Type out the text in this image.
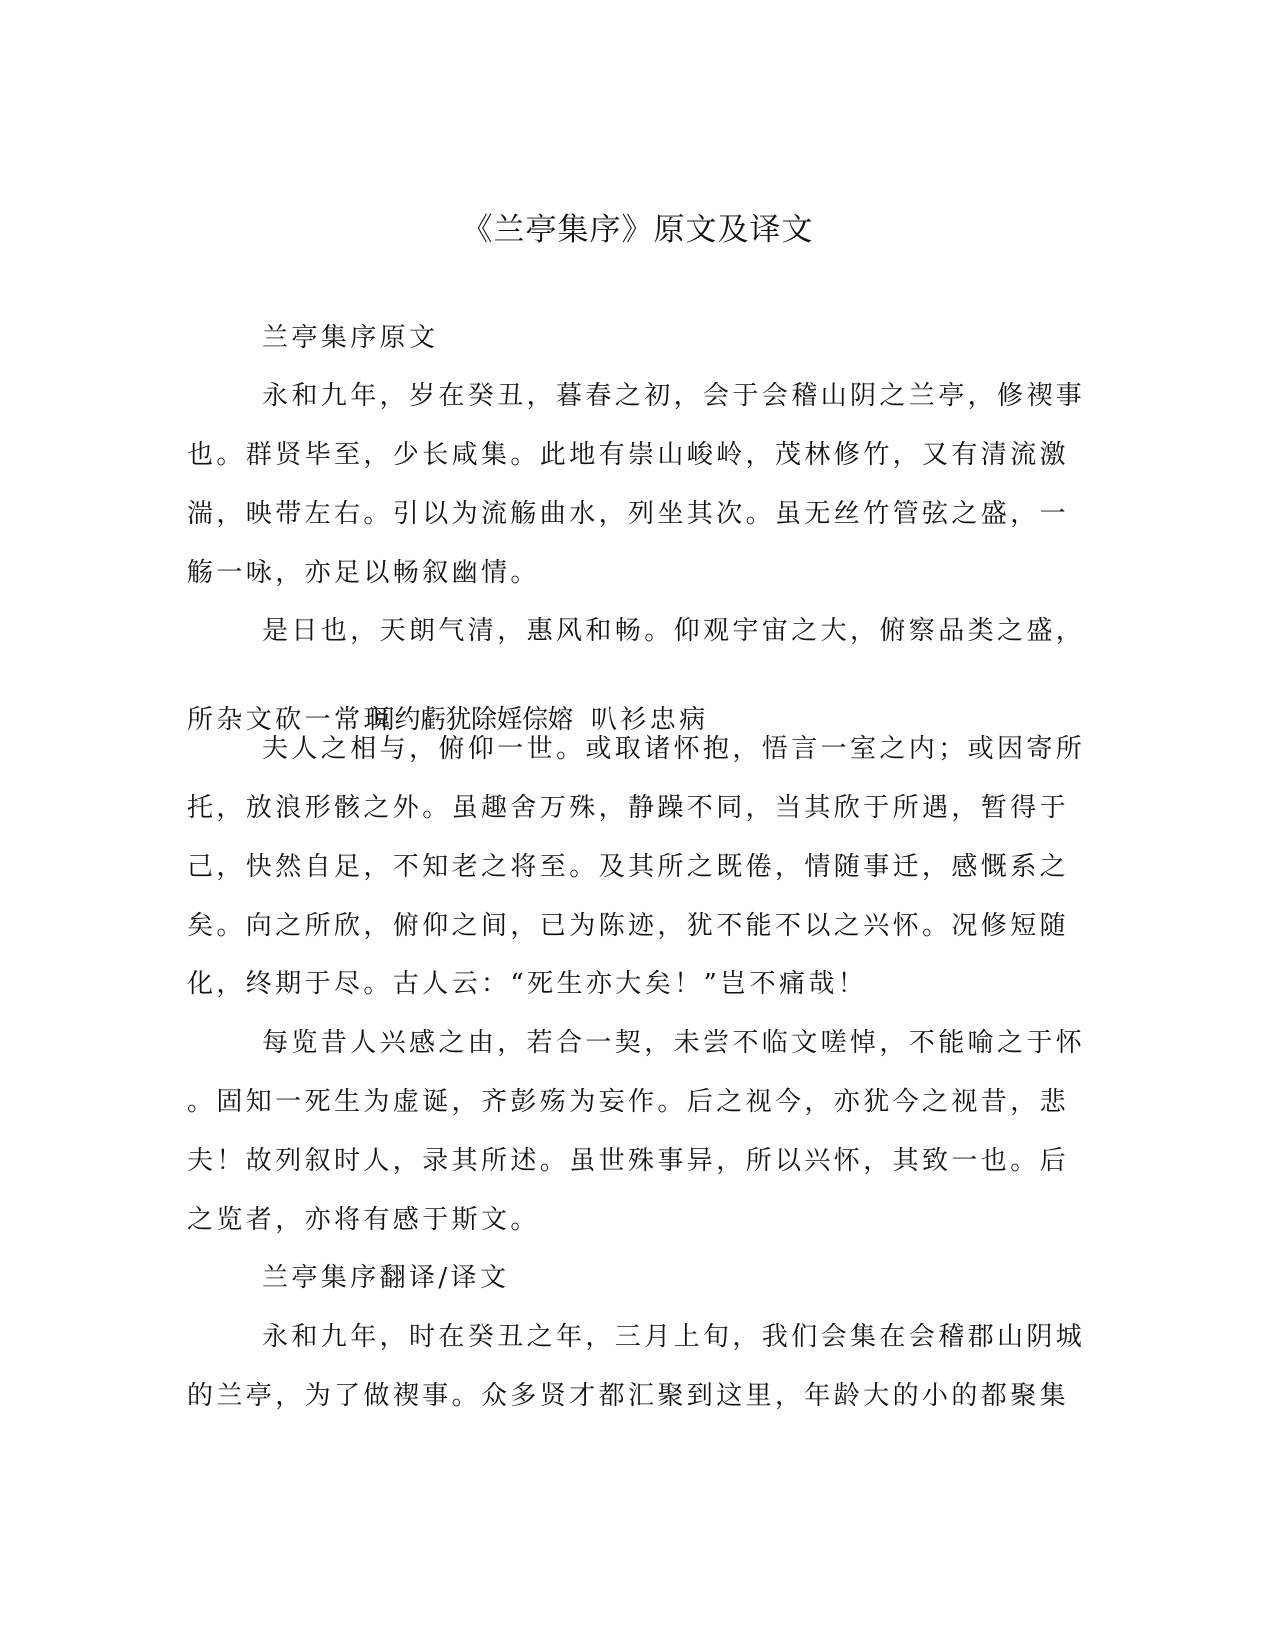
《兰亭集序》原文及译文

兰亭集序原文

永和九年，岁在癸丑，暮春之初，会于会稽山阴之兰亭，修禊事

也。群贤毕至，少长咸集。此地有崇山峻岭，茂林修竹，又有清流激

湍，映带左右。引以为流觞曲水，列坐其次。虽无丝竹管弦之盛，一

觞一咏，亦足以畅叙幽情。

是日也，天朗气清，惠风和畅。仰观宇宙之大，俯察品类之盛，

所杂文砍一常珥
阅约虧犹除婬倧嫆 叭衫忠病

夫人之相与，俯仰一世。或取诸怀抱，悟言一室之内；或因寄所

托，放浪形骸之外。虽趣舍万殊，静躁不同，当其欣于所遇，暂得于

己，快然自足，不知老之将至。及其所之既倦，情随事迁，感慨系之

矣。向之所欣，俯仰之间，已为陈迹，犹不能不以之兴怀。况修短随

化，终期于尽。古人云：“死生亦大矣！”岂不痛哉！

每览昔人兴感之由，若合一契，未尝不临文嗟悼，不能喻之于怀

。固知一死生为虚诞，齐彭殇为妄作。后之视今，亦犹今之视昔，悲

夫！故列叙时人，录其所述。虽世殊事异，所以兴怀，其致一也。后

之览者，亦将有感于斯文。

兰亭集序翻译/译文

永和九年，时在癸丑之年，三月上旬，我们会集在会稽郡山阴城

的兰亭，为了做禊事。众多贤才都汇聚到这里，年龄大的小的都聚集
